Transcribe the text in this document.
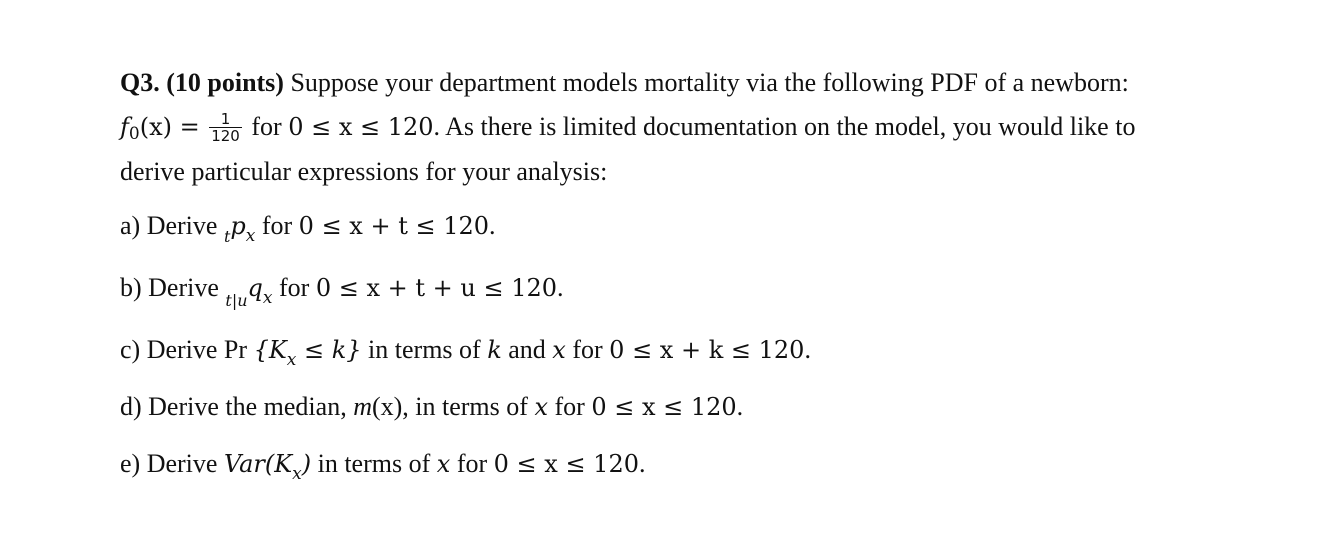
Q3. (10 points) Suppose your department models mortality via the following PDF of a newborn:
$f0(x) = \frac{1}{120}$ for 0 ≤ x ≤ 120. As there is limited documentation on the model, you would like to
derive particular expressions for your analysis:
a) Derive $_tp_x$ for 0 ≤ x + t ≤ 120.
b) Derive $_{t|u}q_x$ for 0 ≤ x + t + u ≤ 120.
c) Derive Pr $\{K_x \le k\}$ in terms of k and x for 0 ≤ x + k ≤ 120.
d) Derive the median, m(x), in terms of x for 0 ≤ x ≤ 120.
e) Derive $Var(K_x)$ in terms of x for 0 ≤ x ≤ 120.
